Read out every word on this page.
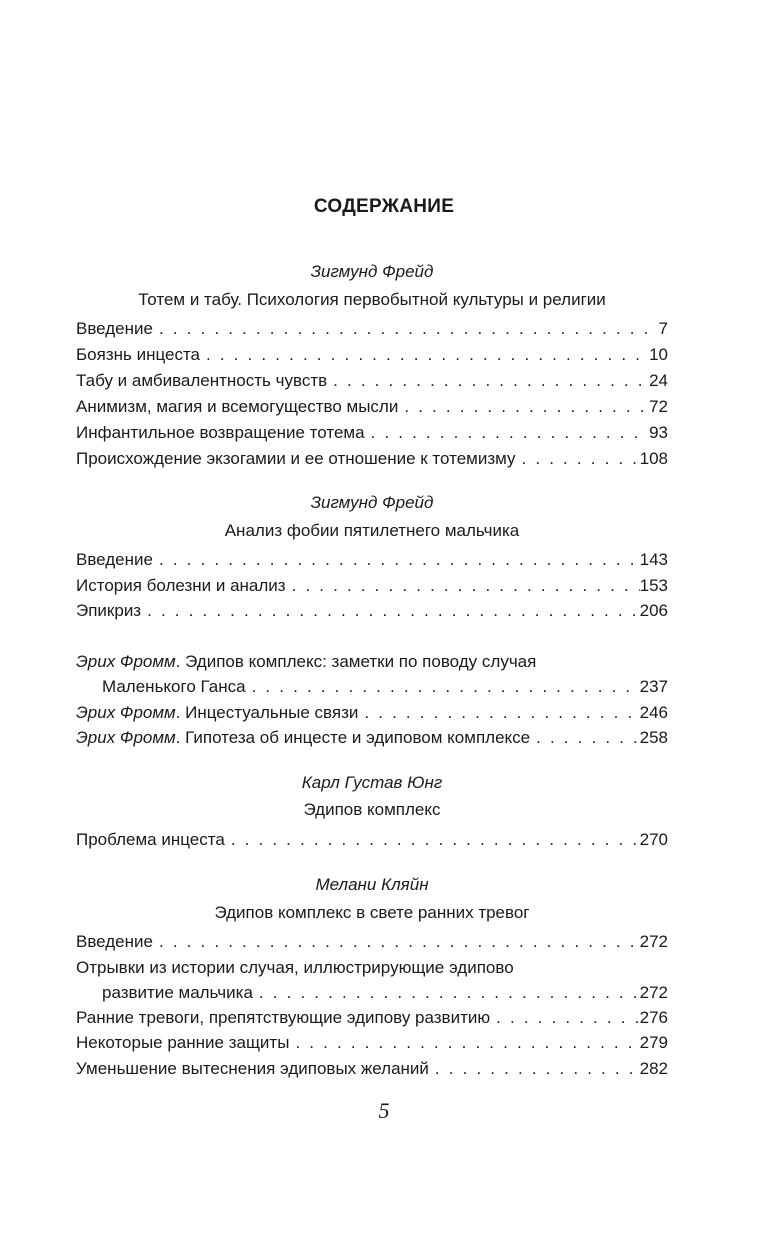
СОДЕРЖАНИЕ
Зигмунд Фрейд
Тотем и табу. Психология первобытной культуры и религии
Введение . . .	7
Боязнь инцеста . . .	10
Табу и амбивалентность чувств . . .	24
Анимизм, магия и всемогущество мысли . . .	72
Инфантильное возвращение тотема . . .	93
Происхождение экзогамии и ее отношение к тотемизму . . .	108
Зигмунд Фрейд
Анализ фобии пятилетнего мальчика
Введение . . .	143
История болезни и анализ . . .	153
Эпикриз . . .	206
Эрих Фромм. Эдипов комплекс: заметки по поводу случая
Маленького Ганса . . .	237
Эрих Фромм. Инцестуальные связи . . .	246
Эрих Фромм. Гипотеза об инцесте и эдиповом комплексе . . .	258
Карл Густав Юнг
Эдипов комплекс
Проблема инцеста . . .	270
Мелани Кляйн
Эдипов комплекс в свете ранних тревог
Введение . . .	272
Отрывки из истории случая, иллюстрирующие эдипово
развитие мальчика . . .	272
Ранние тревоги, препятствующие эдипову развитию . . .	276
Некоторые ранние защиты . . .	279
Уменьшение вытеснения эдиповых желаний . . .	282
5
